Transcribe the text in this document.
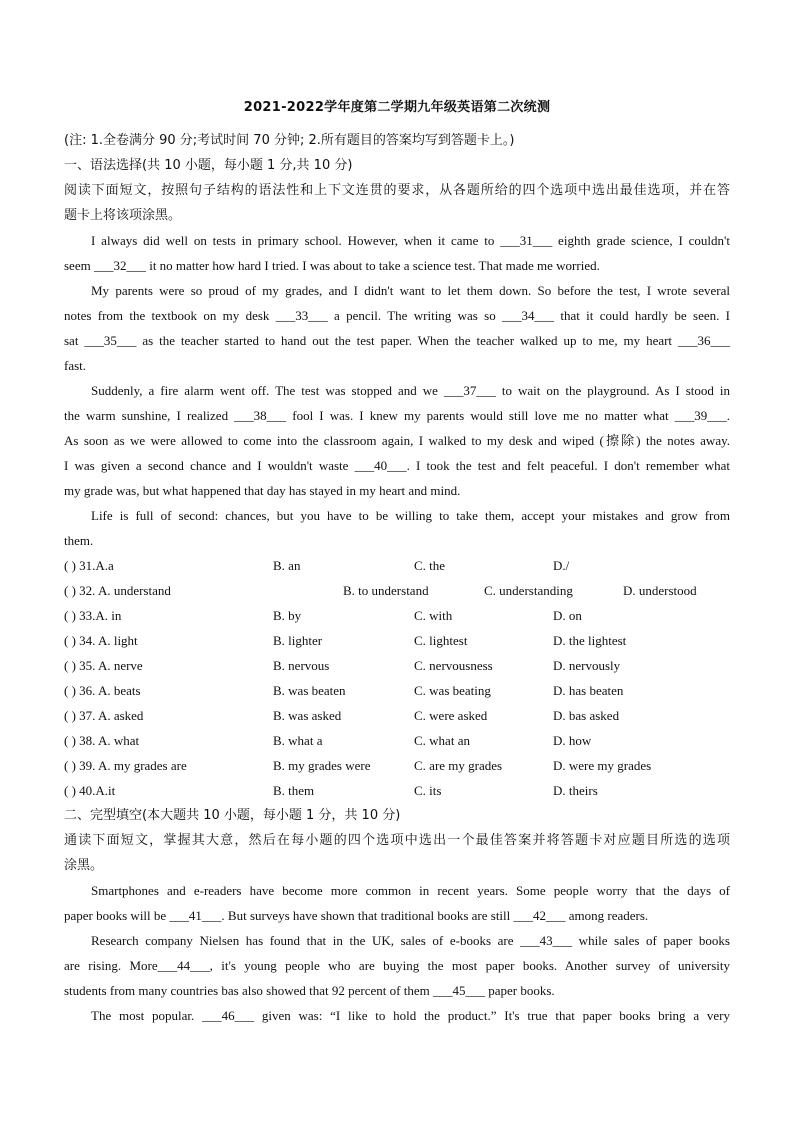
2021-2022学年度第二学期九年级英语第二次统测
(注: 1.全卷满分 90 分;考试时间 70 分钟; 2.所有题目的答案均写到答题卡上。)
一、语法选择(共 10 小题，每小题 1 分,共 10 分)
阅读下面短文，按照句子结构的语法性和上下文连贯的要求，从各题所给的四个选项中选出最佳选项，并在答
题卡上将该项涂黑。
I always did well on tests in primary school. However, when it came to ___31___ eighth grade science, I couldn't
seem ___32___ it no matter how hard I tried. I was about to take a science test. That made me worried.
My parents were so proud of my grades, and I didn't want to let them down. So before the test, I wrote several
notes from the textbook on my desk ___33___ a pencil. The writing was so ___34___ that it could hardly be seen. I
sat ___35___ as the teacher started to hand out the test paper. When the teacher walked up to me, my heart ___36___
fast.
Suddenly, a fire alarm went off. The test was stopped and we ___37___ to wait on the playground. As I stood in
the warm sunshine, I realized ___38___ fool I was. I knew my parents would still love me no matter what ___39___.
As soon as we were allowed to come into the classroom again, I walked to my desk and wiped (擦除) the notes away.
I was given a second chance and I wouldn't waste ___40___. I took the test and felt peaceful. I don't remember what
my grade was, but what happened that day has stayed in my heart and mind.
Life is full of second: chances, but you have to be willing to take them, accept your mistakes and grow from
them.
( ) 31.A.a	B. an	C. the	D./
( ) 32. A. understand	B. to understand	C. understanding	D. understood
( ) 33.A. in	B. by	C. with	D. on
( ) 34. A. light	B. lighter	C. lightest	D. the lightest
( ) 35. A. nerve	B. nervous	C. nervousness	D. nervously
( ) 36. A. beats	B. was beaten	C. was beating	D. has beaten
( ) 37. A. asked	B. was asked	C. were asked	D. bas asked
( ) 38. A. what	B. what a	C. what an	D. how
( ) 39. A. my grades are	B. my grades were	C. are my grades	D. were my grades
( ) 40.A.it	B. them	C. its	D. theirs
二、完型填空(本大题共 10 小题，每小题 1 分，共 10 分)
通读下面短文，掌握其大意，然后在每小题的四个选项中选出一个最佳答案并将答题卡对应题目所选的选项
涂黑。
Smartphones and e-readers have become more common in recent years. Some people worry that the days of
paper books will be ___41___. But surveys have shown that traditional books are still ___42___ among readers.
Research company Nielsen has found that in the UK, sales of e-books are ___43___ while sales of paper books
are rising. More___44___, it's young people who are buying the most paper books. Another survey of university
students from many countries bas also showed that 92 percent of them ___45___ paper books.
The most popular. ___46___ given was: “I like to hold the product.” It's true that paper books bring a very
